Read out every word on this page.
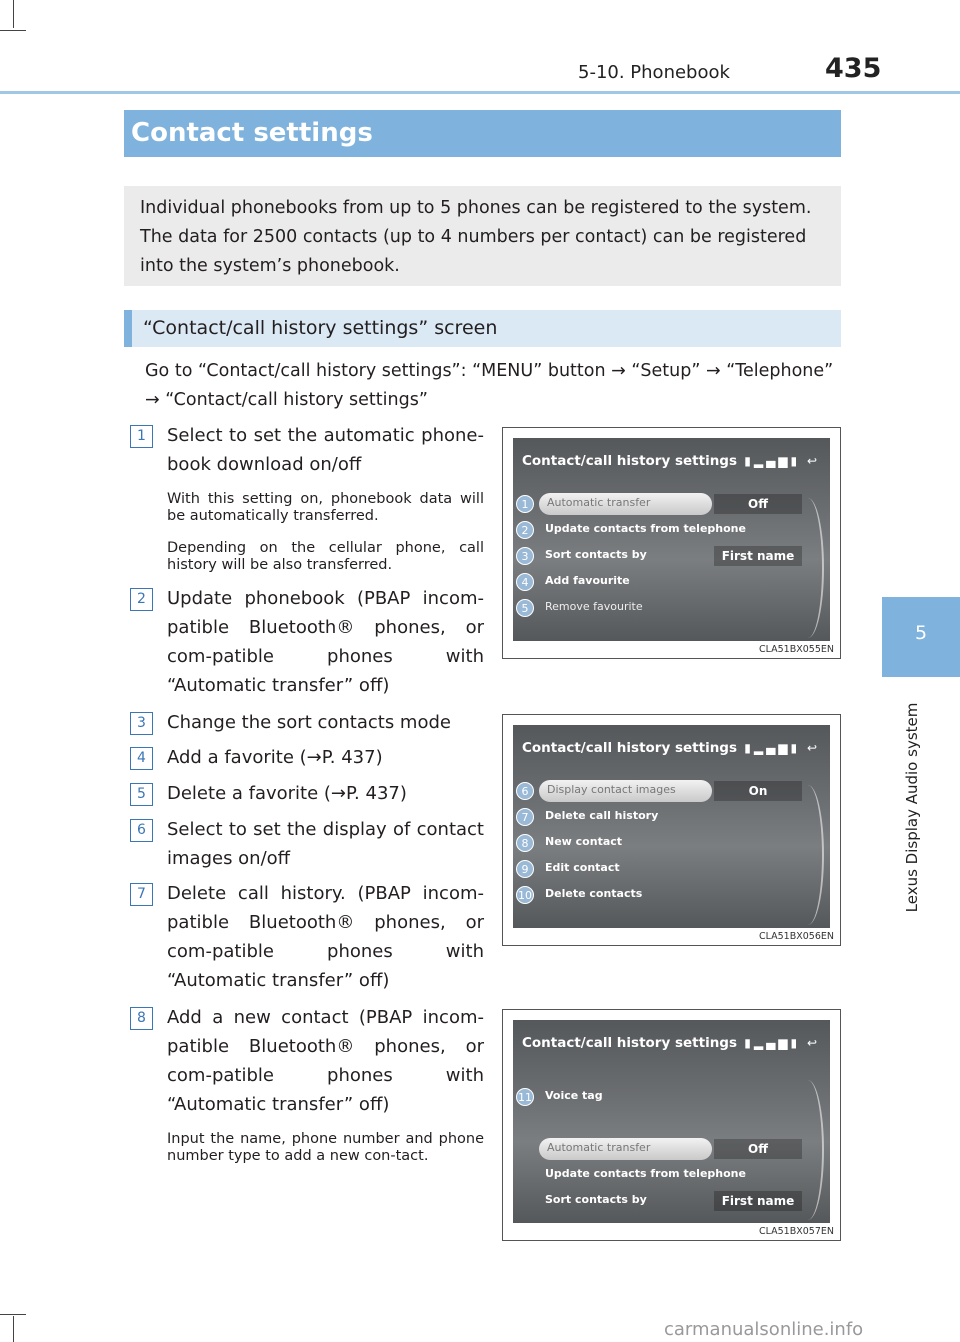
5-10. Phonebook	435
5
Lexus Display Audio system
Contact settings

Individual phonebooks from up to 5 phones can be registered to the system. The data for 2500 contacts (up to 4 numbers per contact) can be registered into the system’s phonebook.

“Contact/call history settings” screen
Go to “Contact/call history settings”: “MENU” button → “Setup” → “Telephone”
→ “Contact/call history settings”
1	Select to set the automatic phone-book download on/off
With this setting on, phonebook data will be automatically transferred.
Depending on the cellular phone, call history will be also transferred.
2	Update phonebook (PBAP incom-patible Bluetooth® phones, or com-patible phones with “Automatic transfer” off)
3	Change the sort contacts mode
4	Add a favorite (→P. 437)
5	Delete a favorite (→P. 437)
6	Select to set the display of contact images on/off
7	Delete call history. (PBAP incom-patible Bluetooth® phones, or com-patible phones with “Automatic transfer” off)
8	Add a new contact (PBAP incom-patible Bluetooth® phones, or com-patible phones with “Automatic transfer” off)
Input the name, phone number and phone number type to add a new con-tact.
Contact/call history settings ▮▂▄▆▮ ↩
Automatic transfer
1	Off
2	Update contacts from telephone
3	Sort contacts by	First name
4	Add favourite
5	Remove favourite
CLA51BX055EN
Contact/call history settings ▮▂▄▆▮ ↩
Display contact images
6	On
7	Delete call history
8	New contact
9	Edit contact
10 Delete contacts
CLA51BX056EN
Contact/call history settings ▮▂▄▆▮ ↩
11 Voice tag
Automatic transfer	Off
Update contacts from telephone
Sort contacts by	First name
CLA51BX057EN
carmanualsonline.info
